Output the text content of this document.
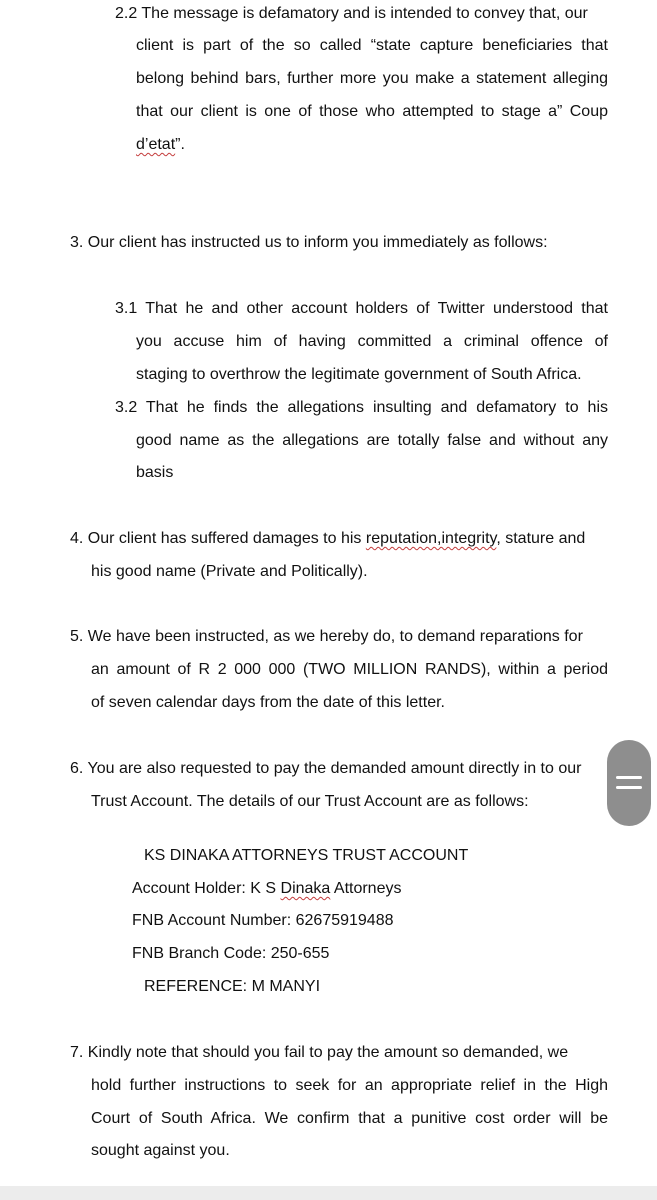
2.2 The message is defamatory and is intended to convey that, our
client is part of the so called “state capture beneficiaries that
belong behind bars, further more you make a statement alleging
that our client is one of those who attempted to stage a” Coup
d’etat”.
3. Our client has instructed us to inform you immediately as follows:
3.1 That he and other account holders of Twitter understood that
you accuse him of having committed a criminal offence of
staging to overthrow the legitimate government of South Africa.
3.2 That he finds the allegations insulting and defamatory to his
good name as the allegations are totally false and without any
basis
4. Our client has suffered damages to his reputation,integrity, stature and
his good name (Private and Politically).
5. We have been instructed, as we hereby do, to demand reparations for
an amount of R 2 000 000 (TWO MILLION RANDS), within a period
of seven calendar days from the date of this letter.
6. You are also requested to pay the demanded amount directly in to our
Trust Account. The details of our Trust Account are as follows:
KS DINAKA ATTORNEYS TRUST ACCOUNT
Account Holder: K S Dinaka Attorneys
FNB Account Number: 62675919488
FNB Branch Code: 250-655
REFERENCE: M MANYI
7. Kindly note that should you fail to pay the amount so demanded, we
hold further instructions to seek for an appropriate relief in the High
Court of South Africa. We confirm that a punitive cost order will be
sought against you.
